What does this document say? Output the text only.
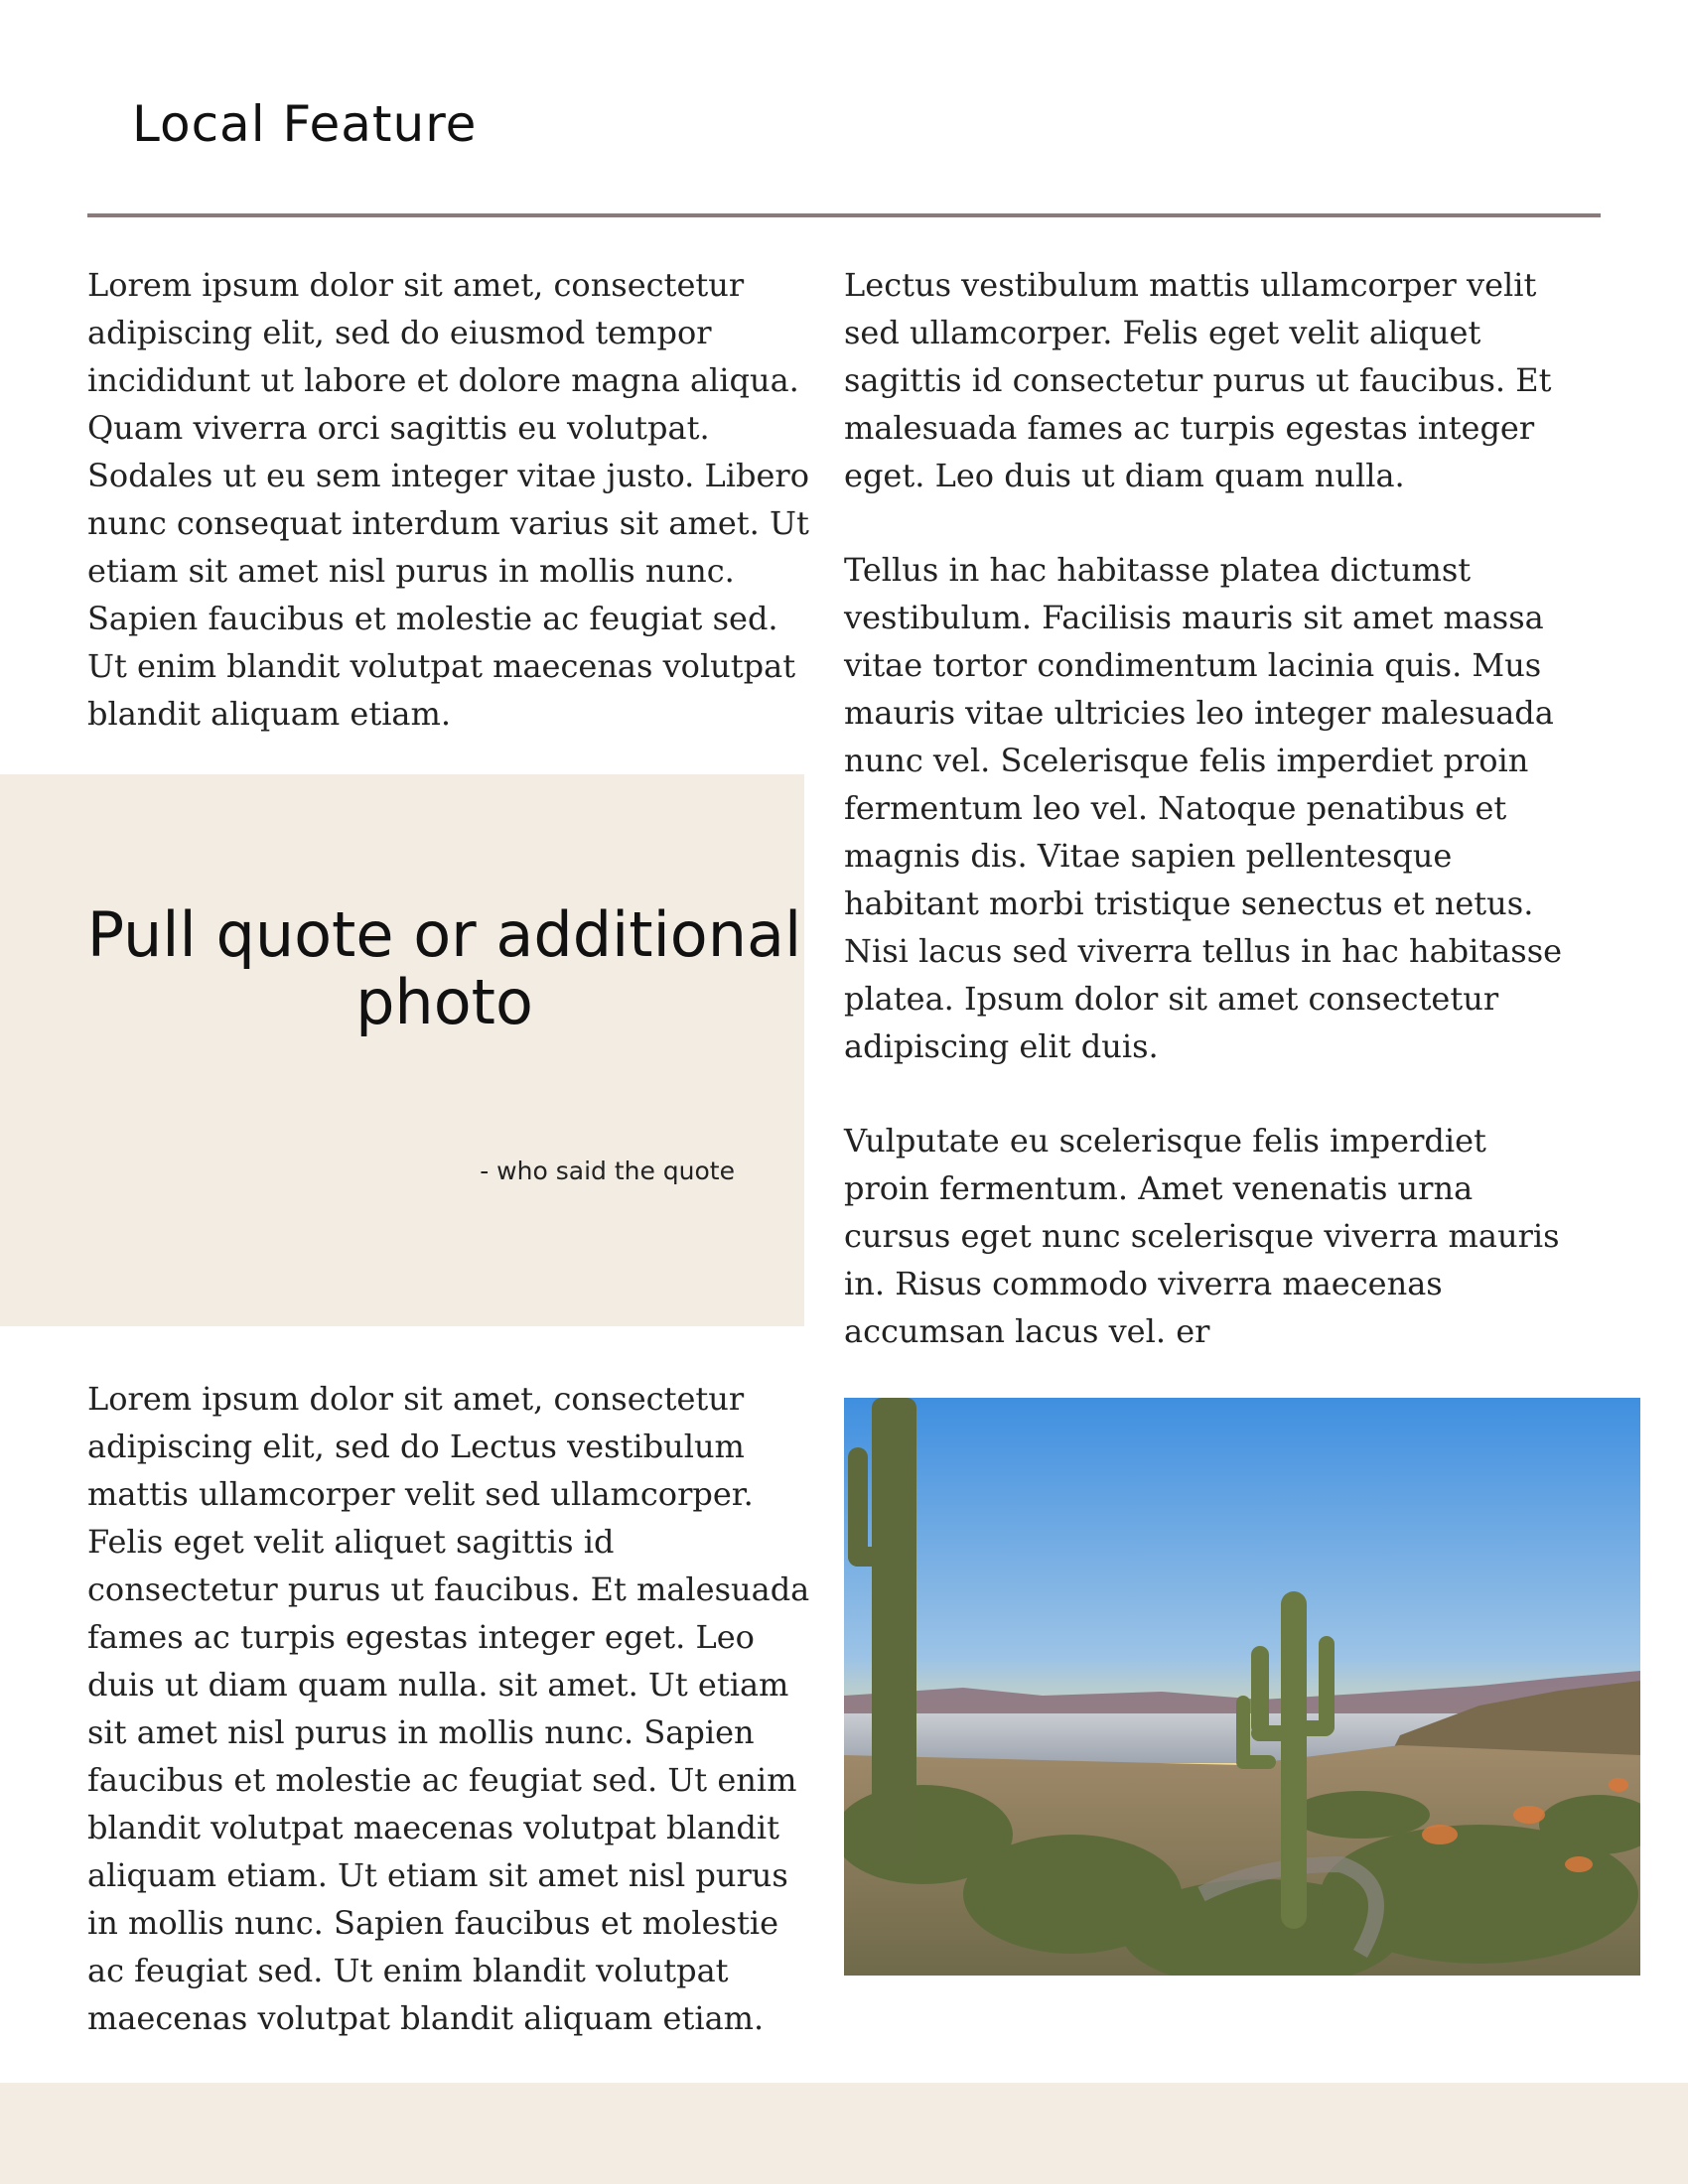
Local Feature

Lorem ipsum dolor sit amet, consectetur adipiscing elit, sed do eiusmod tempor incididunt ut labore et dolore magna aliqua. Quam viverra orci sagittis eu volutpat. Sodales ut eu sem integer vitae justo. Libero nunc consequat interdum varius sit amet. Ut etiam sit amet nisl purus in mollis nunc. Sapien faucibus et molestie ac feugiat sed. Ut enim blandit volutpat maecenas volutpat blandit aliquam etiam.

Lectus vestibulum mattis ullamcorper velit sed ullamcorper. Felis eget velit aliquet sagittis id consectetur purus ut faucibus. Et malesuada fames ac turpis egestas integer eget. Leo duis ut diam quam nulla.

Tellus in hac habitasse platea dictumst vestibulum. Facilisis mauris sit amet massa vitae tortor condimentum lacinia quis. Mus mauris vitae ultricies leo integer malesuada nunc vel. Scelerisque felis imperdiet proin fermentum leo vel. Natoque penatibus et magnis dis. Vitae sapien pellentesque habitant morbi tristique senectus et netus. Nisi lacus sed viverra tellus in hac habitasse platea. Ipsum dolor sit amet consectetur adipiscing elit duis.

Vulputate eu scelerisque felis imperdiet proin fermentum. Amet venenatis urna cursus eget nunc scelerisque viverra mauris in. Risus commodo viverra maecenas accumsan lacus vel. er

Pull quote or additional photo

- who said the quote

Lorem ipsum dolor sit amet, consectetur adipiscing elit, sed do Lectus vestibulum mattis ullamcorper velit sed ullamcorper. Felis eget velit aliquet sagittis id consectetur purus ut faucibus. Et malesuada fames ac turpis egestas integer eget. Leo duis ut diam quam nulla. sit amet. Ut etiam sit amet nisl purus in mollis nunc. Sapien faucibus et molestie ac feugiat sed. Ut enim blandit volutpat maecenas volutpat blandit aliquam etiam. Ut etiam sit amet nisl purus in mollis nunc. Sapien faucibus et molestie ac feugiat sed. Ut enim blandit volutpat maecenas volutpat blandit aliquam etiam.
